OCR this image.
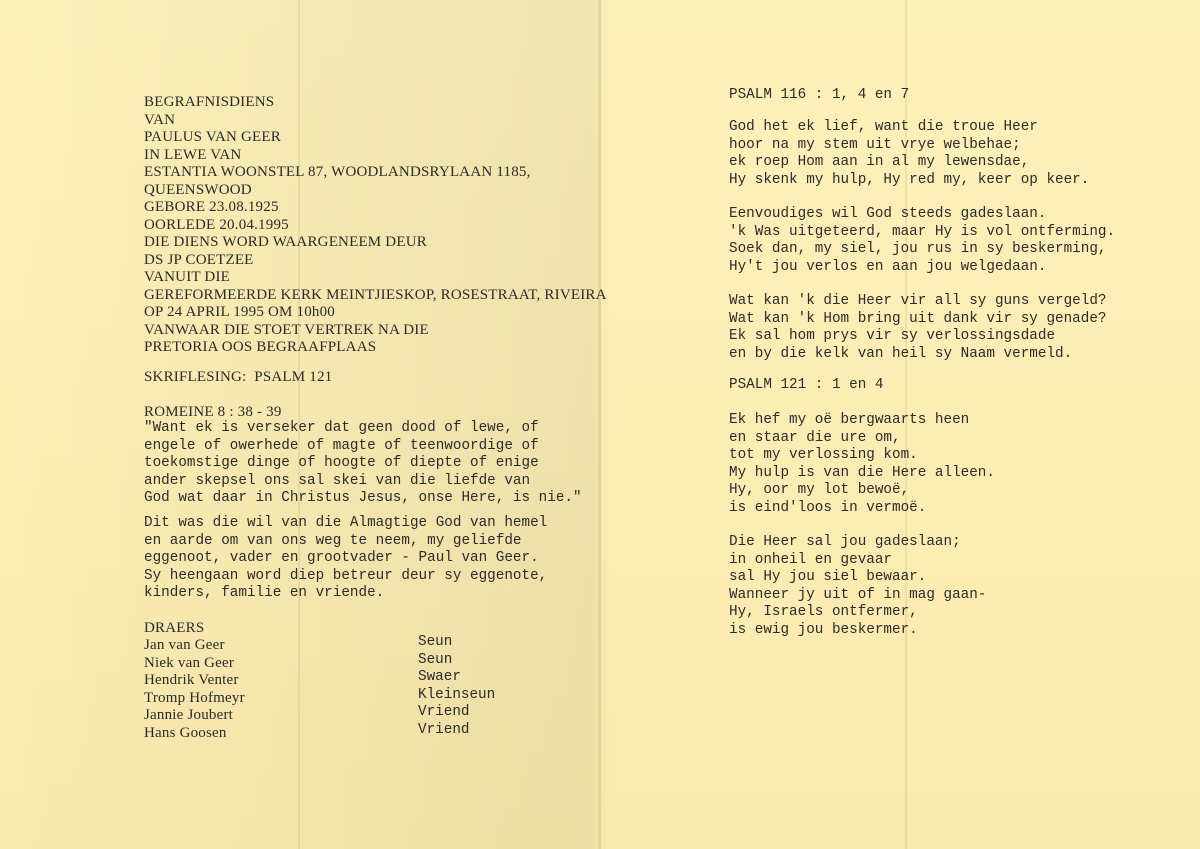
BEGRAFNISDIENS
VAN
PAULUS VAN GEER
IN LEWE VAN
ESTANTIA WOONSTEL 87, WOODLANDSRYLAAN 1185,
QUEENSWOOD
GEBORE 23.08.1925
OORLEDE 20.04.1995
DIE DIENS WORD WAARGENEEM DEUR
DS JP COETZEE
VANUIT DIE
GEREFORMEERDE KERK MEINTJIESKOP, ROSESTRAAT, RIVEIRA
OP 24 APRIL 1995 OM 10h00
VANWAAR DIE STOET VERTREK NA DIE
PRETORIA OOS BEGRAAFPLAAS
SKRIFLESING:  PSALM 121
ROMEINE 8 : 38 - 39
"Want ek is verseker dat geen dood of lewe, of
engele of owerhede of magte of teenwoordige of
toekomstige dinge of hoogte of diepte of enige
ander skepsel ons sal skei van die liefde van
God wat daar in Christus Jesus, onse Here, is nie."
Dit was die wil van die Almagtige God van hemel
en aarde om van ons weg te neem, my geliefde
eggenoot, vader en grootvader - Paul van Geer.
Sy heengaan word diep betreur deur sy eggenote,
kinders, familie en vriende.
DRAERS
Jan van Geer
Niek van Geer
Hendrik Venter
Tromp Hofmeyr
Jannie Joubert
Hans Goosen
Seun
Seun
Swaer
Kleinseun
Vriend
Vriend
PSALM 116 : 1, 4 en 7
God het ek lief, want die troue Heer
hoor na my stem uit vrye welbehae;
ek roep Hom aan in al my lewensdae,
Hy skenk my hulp, Hy red my, keer op keer.
Eenvoudiges wil God steeds gadeslaan.
'k Was uitgeteerd, maar Hy is vol ontferming.
Soek dan, my siel, jou rus in sy beskerming,
Hy't jou verlos en aan jou welgedaan.
Wat kan 'k die Heer vir all sy guns vergeld?
Wat kan 'k Hom bring uit dank vir sy genade?
Ek sal hom prys vir sy verlossingsdade
en by die kelk van heil sy Naam vermeld.
PSALM 121 : 1 en 4
Ek hef my oë bergwaarts heen
en staar die ure om,
tot my verlossing kom.
My hulp is van die Here alleen.
Hy, oor my lot bewoë,
is eind'loos in vermoë.
Die Heer sal jou gadeslaan;
in onheil en gevaar
sal Hy jou siel bewaar.
Wanneer jy uit of in mag gaan-
Hy, Israels ontfermer,
is ewig jou beskermer.
